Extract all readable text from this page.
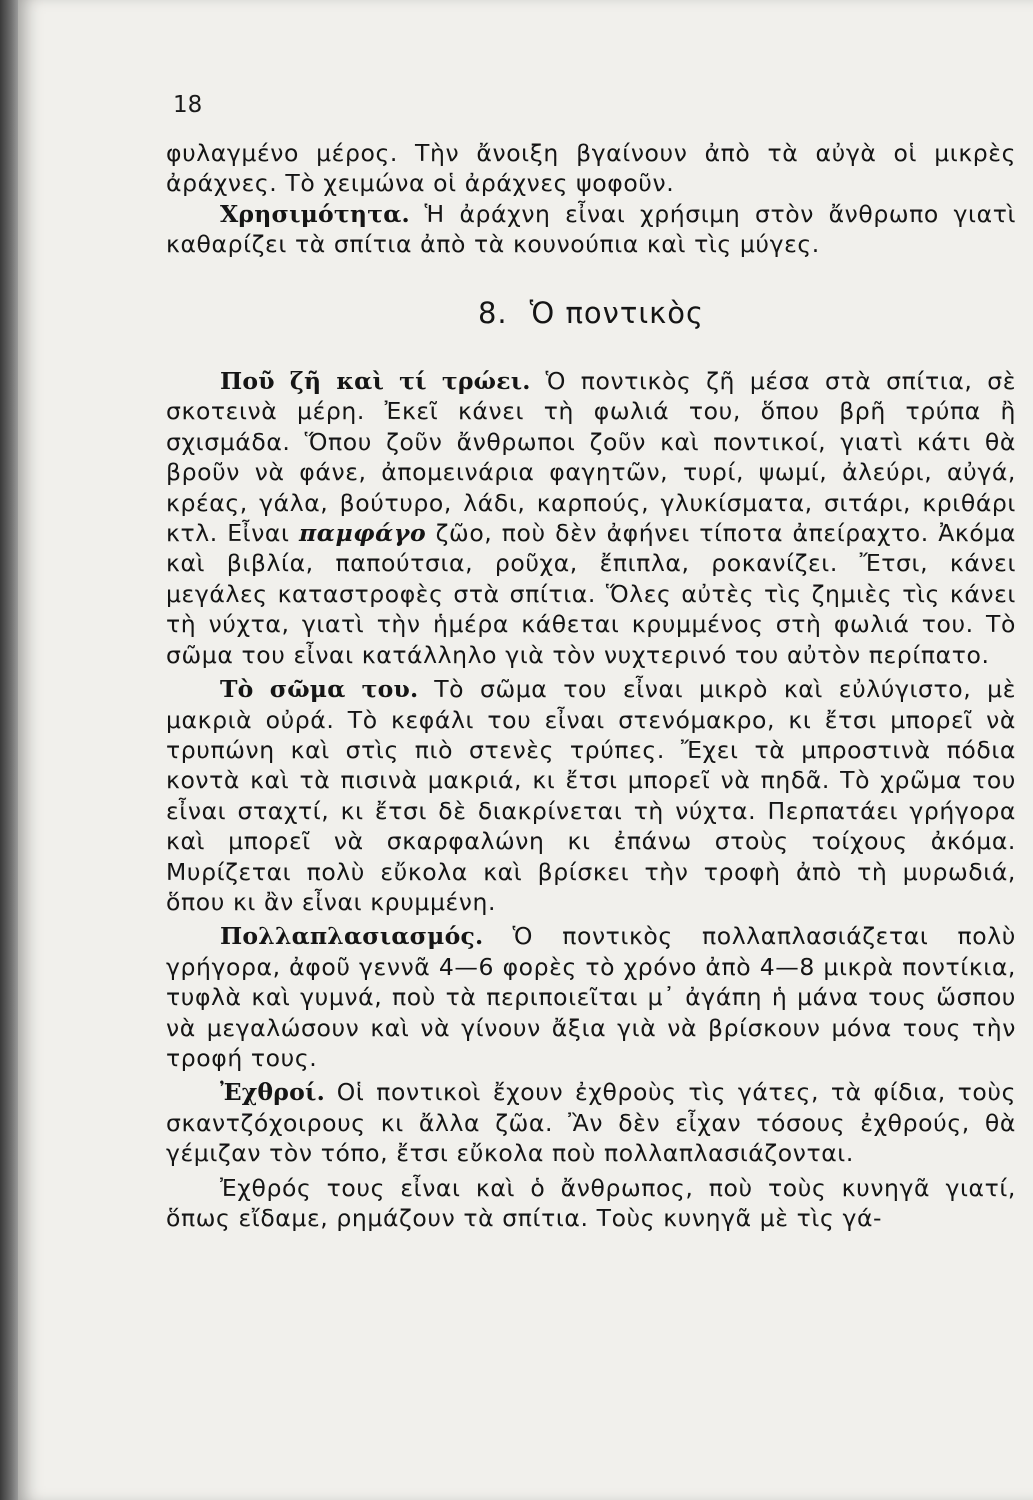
18

φυλαγμένο μέρος. Τὴν ἄνοιξη βγαίνουν ἀπὸ τὰ αὐγὰ οἱ μικρὲς ἀράχνες. Τὸ χειμώνα οἱ ἀράχνες ψοφοῦν.

Χρησιμότητα. Ἡ ἀράχνη εἶναι χρήσιμη στὸν ἄνθρωπο γιατὶ καθαρίζει τὰ σπίτια ἀπὸ τὰ κουνούπια καὶ τὶς μύγες.

8. Ὁ ποντικὸς

Ποῦ ζῆ καὶ τί τρώει. Ὁ ποντικὸς ζῆ μέσα στὰ σπίτια, σὲ σκοτεινὰ μέρη. Ἐκεῖ κάνει τὴ φωλιά του, ὅπου βρῆ τρύπα ἢ σχισμάδα. Ὅπου ζοῦν ἄνθρωποι ζοῦν καὶ ποντικοί, γιατὶ κάτι θὰ βροῦν νὰ φάνε, ἀπομεινάρια φαγητῶν, τυρί, ψωμί, ἀλεύρι, αὐγά, κρέας, γάλα, βούτυρο, λάδι, καρπούς, γλυκίσματα, σιτάρι, κριθάρι κτλ. Εἶναι παμφάγο ζῶο, ποὺ δὲν ἀφήνει τίποτα ἀπείραχτο. Ἀκόμα καὶ βιβλία, παπούτσια, ροῦχα, ἔπιπλα, ροκανίζει. Ἔτσι, κάνει μεγάλες καταστροφὲς στὰ σπίτια. Ὅλες αὐτὲς τὶς ζημιὲς τὶς κάνει τὴ νύχτα, γιατὶ τὴν ἡμέρα κάθεται κρυμμένος στὴ φωλιά του. Τὸ σῶμα του εἶναι κατάλληλο γιὰ τὸν νυχτερινό του αὐτὸν περίπατο.

Τὸ σῶμα του. Τὸ σῶμα του εἶναι μικρὸ καὶ εὐλύγιστο, μὲ μακριὰ οὐρά. Τὸ κεφάλι του εἶναι στενόμακρο, κι ἔτσι μπορεῖ νὰ τρυπώνη καὶ στὶς πιὸ στενὲς τρύπες. Ἔχει τὰ μπροστινὰ πόδια κοντὰ καὶ τὰ πισινὰ μακριά, κι ἔτσι μπορεῖ νὰ πηδᾶ. Τὸ χρῶμα του εἶναι σταχτί, κι ἔτσι δὲ διακρίνεται τὴ νύχτα. Περπατάει γρήγορα καὶ μπορεῖ νὰ σκαρφαλώνη κι ἐπάνω στοὺς τοίχους ἀκόμα. Μυρίζεται πολὺ εὔκολα καὶ βρίσκει τὴν τροφὴ ἀπὸ τὴ μυρωδιά, ὅπου κι ἂν εἶναι κρυμμένη.

Πολλαπλασιασμός. Ὁ ποντικὸς πολλαπλασιάζεται πολὺ γρήγορα, ἀφοῦ γεννᾶ 4—6 φορὲς τὸ χρόνο ἀπὸ 4—8 μικρὰ ποντίκια, τυφλὰ καὶ γυμνά, ποὺ τὰ περιποιεῖται μ᾽ ἀγάπη ἡ μάνα τους ὥσπου νὰ μεγαλώσουν καὶ νὰ γίνουν ἄξια γιὰ νὰ βρίσκουν μόνα τους τὴν τροφή τους.

Ἐχθροί. Οἱ ποντικοὶ ἔχουν ἐχθροὺς τὶς γάτες, τὰ φίδια, τοὺς σκαντζόχοιρους κι ἄλλα ζῶα. Ἂν δὲν εἶχαν τόσους ἐχθρούς, θὰ γέμιζαν τὸν τόπο, ἔτσι εὔκολα ποὺ πολλαπλασιάζονται.

Ἐχθρός τους εἶναι καὶ ὁ ἄνθρωπος, ποὺ τοὺς κυνηγᾶ γιατί, ὅπως εἴδαμε, ρημάζουν τὰ σπίτια. Τοὺς κυνηγᾶ μὲ τὶς γά-
